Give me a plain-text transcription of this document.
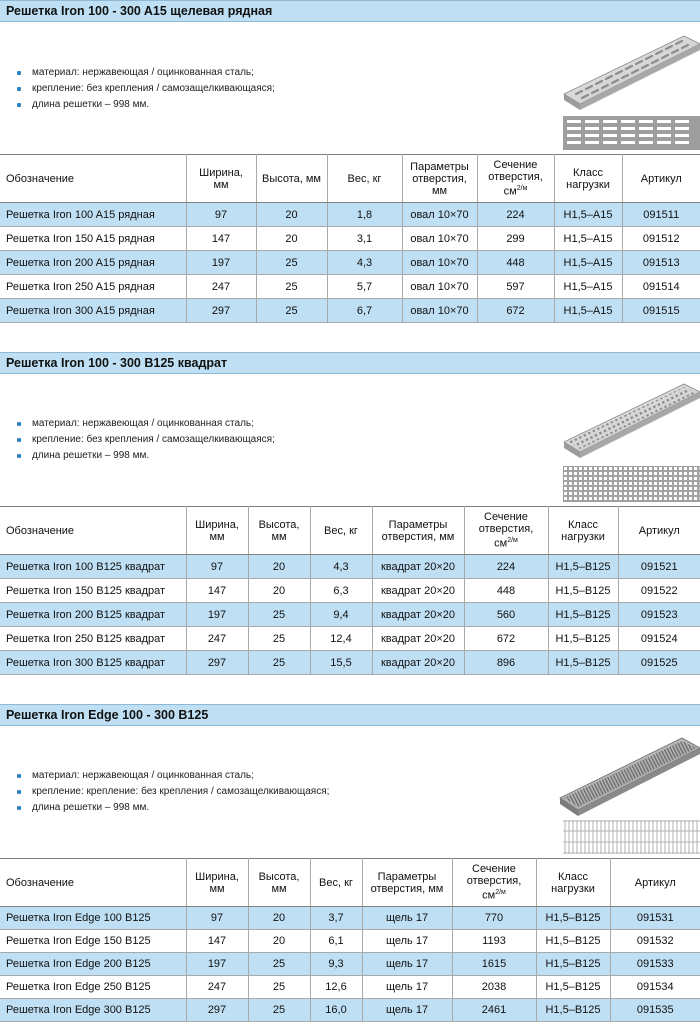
Решетка Iron 100 - 300 A15 щелевая рядная
материал: нержавеющая / оцинкованная сталь;
крепление: без крепления / самозащелкивающаяся;
длина решетки – 998 мм.
Обозначение	Ширина, мм	Высота, мм	Вес, кг	Параметры отверстия, мм	Сечение отверстия, $см^{2/м}$	Класс нагрузки	Артикул
Решетка Iron 100 A15 рядная	97	20	1,8	овал 10×70	224	H1,5–A15	091511
Решетка Iron 150 A15 рядная	147	20	3,1	овал 10×70	299	H1,5–A15	091512
Решетка Iron 200 A15 рядная	197	25	4,3	овал 10×70	448	H1,5–A15	091513
Решетка Iron 250 A15 рядная	247	25	5,7	овал 10×70	597	H1,5–A15	091514
Решетка Iron 300 A15 рядная	297	25	6,7	овал 10×70	672	H1,5–A15	091515
Решетка Iron 100 - 300 B125 квадрат
материал: нержавеющая / оцинкованная сталь;
крепление: без крепления / самозащелкивающаяся;
длина решетки – 998 мм.
Обозначение	Ширина, мм	Высота, мм	Вес, кг	Параметры отверстия, мм	Сечение отверстия, $см^{2/м}$	Класс нагрузки	Артикул
Решетка Iron 100 B125 квадрат	97	20	4,3	квадрат 20×20	224	H1,5–B125	091521
Решетка Iron 150 B125 квадрат	147	20	6,3	квадрат 20×20	448	H1,5–B125	091522
Решетка Iron 200 B125 квадрат	197	25	9,4	квадрат 20×20	560	H1,5–B125	091523
Решетка Iron 250 B125 квадрат	247	25	12,4	квадрат 20×20	672	H1,5–B125	091524
Решетка Iron 300 B125 квадрат	297	25	15,5	квадрат 20×20	896	H1,5–B125	091525
Решетка Iron Edge 100 - 300 B125
материал: нержавеющая / оцинкованная сталь;
крепление: крепление: без крепления / самозащелкивающаяся;
длина решетки – 998 мм.
Обозначение	Ширина, мм	Высота, мм	Вес, кг	Параметры отверстия, мм	Сечение отверстия, $см^{2/м}$	Класс нагрузки	Артикул
Решетка Iron Edge 100 B125	97	20	3,7	щель 17	770	H1,5–B125	091531
Решетка Iron Edge 150 B125	147	20	6,1	щель 17	1193	H1,5–B125	091532
Решетка Iron Edge 200 B125	197	25	9,3	щель 17	1615	H1,5–B125	091533
Решетка Iron Edge 250 B125	247	25	12,6	щель 17	2038	H1,5–B125	091534
Решетка Iron Edge 300 B125	297	25	16,0	щель 17	2461	H1,5–B125	091535
